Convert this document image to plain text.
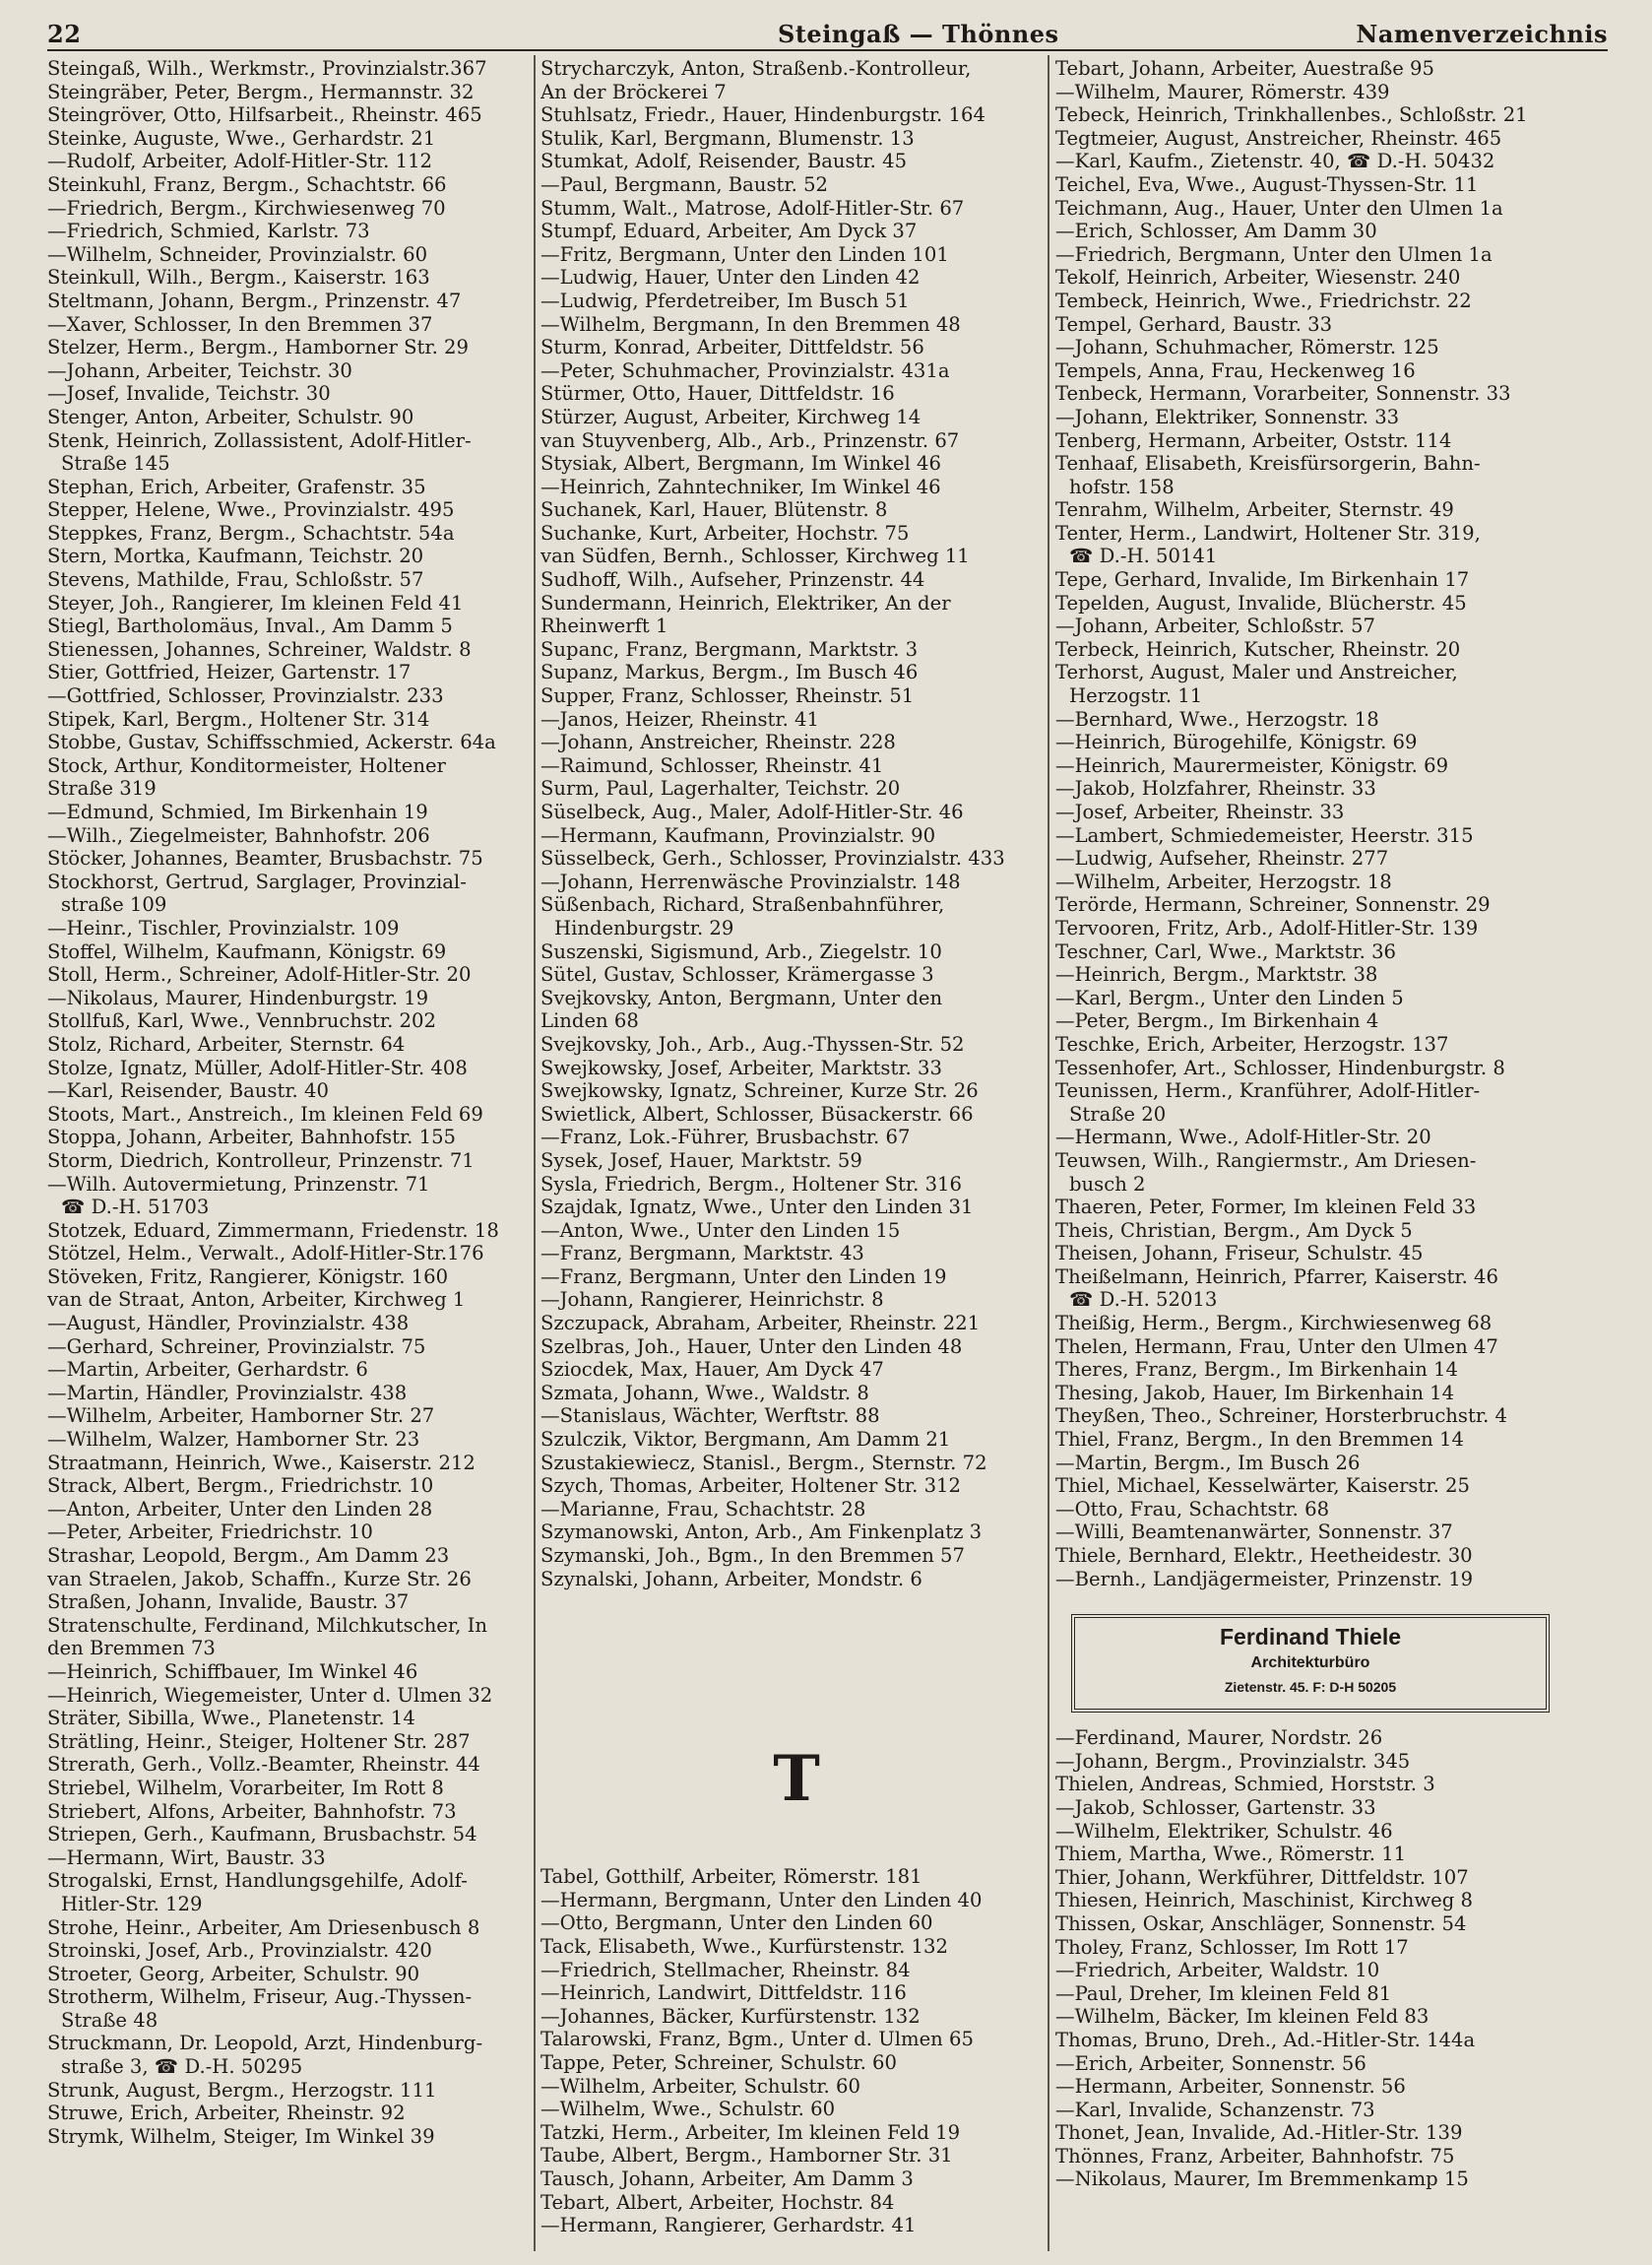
22	Steingaß — Thönnes	Namenverzeichnis
Steingaß, Wilh., Werkmstr., Provinzialstr.367
Steingräber, Peter, Bergm., Hermannstr. 32
Steingröver, Otto, Hilfsarbeit., Rheinstr. 465
Steinke, Auguste, Wwe., Gerhardstr. 21
—Rudolf, Arbeiter, Adolf-Hitler-Str. 112
Steinkuhl, Franz, Bergm., Schachtstr. 66
—Friedrich, Bergm., Kirchwiesenweg 70
—Friedrich, Schmied, Karlstr. 73
—Wilhelm, Schneider, Provinzialstr. 60
Steinkull, Wilh., Bergm., Kaiserstr. 163
Steltmann, Johann, Bergm., Prinzenstr. 47
—Xaver, Schlosser, In den Bremmen 37
Stelzer, Herm., Bergm., Hamborner Str. 29
—Johann, Arbeiter, Teichstr. 30
—Josef, Invalide, Teichstr. 30
Stenger, Anton, Arbeiter, Schulstr. 90
Stenk, Heinrich, Zollassistent, Adolf-Hitler-
Straße 145
Stephan, Erich, Arbeiter, Grafenstr. 35
Stepper, Helene, Wwe., Provinzialstr. 495
Steppkes, Franz, Bergm., Schachtstr. 54a
Stern, Mortka, Kaufmann, Teichstr. 20
Stevens, Mathilde, Frau, Schloßstr. 57
Steyer, Joh., Rangierer, Im kleinen Feld 41
Stiegl, Bartholomäus, Inval., Am Damm 5
Stienessen, Johannes, Schreiner, Waldstr. 8
Stier, Gottfried, Heizer, Gartenstr. 17
—Gottfried, Schlosser, Provinzialstr. 233
Stipek, Karl, Bergm., Holtener Str. 314
Stobbe, Gustav, Schiffsschmied, Ackerstr. 64a
Stock, Arthur, Konditormeister, Holtener
Straße 319
—Edmund, Schmied, Im Birkenhain 19
—Wilh., Ziegelmeister, Bahnhofstr. 206
Stöcker, Johannes, Beamter, Brusbachstr. 75
Stockhorst, Gertrud, Sarglager, Provinzial-
straße 109
—Heinr., Tischler, Provinzialstr. 109
Stoffel, Wilhelm, Kaufmann, Königstr. 69
Stoll, Herm., Schreiner, Adolf-Hitler-Str. 20
—Nikolaus, Maurer, Hindenburgstr. 19
Stollfuß, Karl, Wwe., Vennbruchstr. 202
Stolz, Richard, Arbeiter, Sternstr. 64
Stolze, Ignatz, Müller, Adolf-Hitler-Str. 408
—Karl, Reisender, Baustr. 40
Stoots, Mart., Anstreich., Im kleinen Feld 69
Stoppa, Johann, Arbeiter, Bahnhofstr. 155
Storm, Diedrich, Kontrolleur, Prinzenstr. 71
—Wilh. Autovermietung, Prinzenstr. 71
☎ D.-H. 51703
Stotzek, Eduard, Zimmermann, Friedenstr. 18
Stötzel, Helm., Verwalt., Adolf-Hitler-Str.176
Stöveken, Fritz, Rangierer, Königstr. 160
van de Straat, Anton, Arbeiter, Kirchweg 1
—August, Händler, Provinzialstr. 438
—Gerhard, Schreiner, Provinzialstr. 75
—Martin, Arbeiter, Gerhardstr. 6
—Martin, Händler, Provinzialstr. 438
—Wilhelm, Arbeiter, Hamborner Str. 27
—Wilhelm, Walzer, Hamborner Str. 23
Straatmann, Heinrich, Wwe., Kaiserstr. 212
Strack, Albert, Bergm., Friedrichstr. 10
—Anton, Arbeiter, Unter den Linden 28
—Peter, Arbeiter, Friedrichstr. 10
Strashar, Leopold, Bergm., Am Damm 23
van Straelen, Jakob, Schaffn., Kurze Str. 26
Straßen, Johann, Invalide, Baustr. 37
Stratenschulte, Ferdinand, Milchkutscher, In
den Bremmen 73
—Heinrich, Schiffbauer, Im Winkel 46
—Heinrich, Wiegemeister, Unter d. Ulmen 32
Sträter, Sibilla, Wwe., Planetenstr. 14
Strätling, Heinr., Steiger, Holtener Str. 287
Strerath, Gerh., Vollz.-Beamter, Rheinstr. 44
Striebel, Wilhelm, Vorarbeiter, Im Rott 8
Striebert, Alfons, Arbeiter, Bahnhofstr. 73
Striepen, Gerh., Kaufmann, Brusbachstr. 54
—Hermann, Wirt, Baustr. 33
Strogalski, Ernst, Handlungsgehilfe, Adolf-
Hitler-Str. 129
Strohe, Heinr., Arbeiter, Am Driesenbusch 8
Stroinski, Josef, Arb., Provinzialstr. 420
Stroeter, Georg, Arbeiter, Schulstr. 90
Strotherm, Wilhelm, Friseur, Aug.-Thyssen-
Straße 48
Struckmann, Dr. Leopold, Arzt, Hindenburg-
straße 3, ☎ D.-H. 50295
Strunk, August, Bergm., Herzogstr. 111
Struwe, Erich, Arbeiter, Rheinstr. 92
Strymk, Wilhelm, Steiger, Im Winkel 39
Strycharczyk, Anton, Straßenb.-Kontrolleur,
An der Bröckerei 7
Stuhlsatz, Friedr., Hauer, Hindenburgstr. 164
Stulik, Karl, Bergmann, Blumenstr. 13
Stumkat, Adolf, Reisender, Baustr. 45
—Paul, Bergmann, Baustr. 52
Stumm, Walt., Matrose, Adolf-Hitler-Str. 67
Stumpf, Eduard, Arbeiter, Am Dyck 37
—Fritz, Bergmann, Unter den Linden 101
—Ludwig, Hauer, Unter den Linden 42
—Ludwig, Pferdetreiber, Im Busch 51
—Wilhelm, Bergmann, In den Bremmen 48
Sturm, Konrad, Arbeiter, Dittfeldstr. 56
—Peter, Schuhmacher, Provinzialstr. 431a
Stürmer, Otto, Hauer, Dittfeldstr. 16
Stürzer, August, Arbeiter, Kirchweg 14
van Stuyvenberg, Alb., Arb., Prinzenstr. 67
Stysiak, Albert, Bergmann, Im Winkel 46
—Heinrich, Zahntechniker, Im Winkel 46
Suchanek, Karl, Hauer, Blütenstr. 8
Suchanke, Kurt, Arbeiter, Hochstr. 75
van Südfen, Bernh., Schlosser, Kirchweg 11
Sudhoff, Wilh., Aufseher, Prinzenstr. 44
Sundermann, Heinrich, Elektriker, An der
Rheinwerft 1
Supanc, Franz, Bergmann, Marktstr. 3
Supanz, Markus, Bergm., Im Busch 46
Supper, Franz, Schlosser, Rheinstr. 51
—Janos, Heizer, Rheinstr. 41
—Johann, Anstreicher, Rheinstr. 228
—Raimund, Schlosser, Rheinstr. 41
Surm, Paul, Lagerhalter, Teichstr. 20
Süselbeck, Aug., Maler, Adolf-Hitler-Str. 46
—Hermann, Kaufmann, Provinzialstr. 90
Süsselbeck, Gerh., Schlosser, Provinzialstr. 433
—Johann, Herrenwäsche Provinzialstr. 148
Süßenbach, Richard, Straßenbahnführer,
Hindenburgstr. 29
Suszenski, Sigismund, Arb., Ziegelstr. 10
Sütel, Gustav, Schlosser, Krämergasse 3
Svejkovsky, Anton, Bergmann, Unter den
Linden 68
Svejkovsky, Joh., Arb., Aug.-Thyssen-Str. 52
Swejkowsky, Josef, Arbeiter, Marktstr. 33
Swejkowsky, Ignatz, Schreiner, Kurze Str. 26
Swietlick, Albert, Schlosser, Büsackerstr. 66
—Franz, Lok.-Führer, Brusbachstr. 67
Sysek, Josef, Hauer, Marktstr. 59
Sysla, Friedrich, Bergm., Holtener Str. 316
Szajdak, Ignatz, Wwe., Unter den Linden 31
—Anton, Wwe., Unter den Linden 15
—Franz, Bergmann, Marktstr. 43
—Franz, Bergmann, Unter den Linden 19
—Johann, Rangierer, Heinrichstr. 8
Szczupack, Abraham, Arbeiter, Rheinstr. 221
Szelbras, Joh., Hauer, Unter den Linden 48
Sziocdek, Max, Hauer, Am Dyck 47
Szmata, Johann, Wwe., Waldstr. 8
—Stanislaus, Wächter, Werftstr. 88
Szulczik, Viktor, Bergmann, Am Damm 21
Szustakiewiecz, Stanisl., Bergm., Sternstr. 72
Szych, Thomas, Arbeiter, Holtener Str. 312
—Marianne, Frau, Schachtstr. 28
Szymanowski, Anton, Arb., Am Finkenplatz 3
Szymanski, Joh., Bgm., In den Bremmen 57
Szynalski, Johann, Arbeiter, Mondstr. 6
T
Tabel, Gotthilf, Arbeiter, Römerstr. 181
—Hermann, Bergmann, Unter den Linden 40
—Otto, Bergmann, Unter den Linden 60
Tack, Elisabeth, Wwe., Kurfürstenstr. 132
—Friedrich, Stellmacher, Rheinstr. 84
—Heinrich, Landwirt, Dittfeldstr. 116
—Johannes, Bäcker, Kurfürstenstr. 132
Talarowski, Franz, Bgm., Unter d. Ulmen 65
Tappe, Peter, Schreiner, Schulstr. 60
—Wilhelm, Arbeiter, Schulstr. 60
—Wilhelm, Wwe., Schulstr. 60
Tatzki, Herm., Arbeiter, Im kleinen Feld 19
Taube, Albert, Bergm., Hamborner Str. 31
Tausch, Johann, Arbeiter, Am Damm 3
Tebart, Albert, Arbeiter, Hochstr. 84
—Hermann, Rangierer, Gerhardstr. 41
Tebart, Johann, Arbeiter, Auestraße 95
—Wilhelm, Maurer, Römerstr. 439
Tebeck, Heinrich, Trinkhallenbes., Schloßstr. 21
Tegtmeier, August, Anstreicher, Rheinstr. 465
—Karl, Kaufm., Zietenstr. 40, ☎ D.-H. 50432
Teichel, Eva, Wwe., August-Thyssen-Str. 11
Teichmann, Aug., Hauer, Unter den Ulmen 1a
—Erich, Schlosser, Am Damm 30
—Friedrich, Bergmann, Unter den Ulmen 1a
Tekolf, Heinrich, Arbeiter, Wiesenstr. 240
Tembeck, Heinrich, Wwe., Friedrichstr. 22
Tempel, Gerhard, Baustr. 33
—Johann, Schuhmacher, Römerstr. 125
Tempels, Anna, Frau, Heckenweg 16
Tenbeck, Hermann, Vorarbeiter, Sonnenstr. 33
—Johann, Elektriker, Sonnenstr. 33
Tenberg, Hermann, Arbeiter, Oststr. 114
Tenhaaf, Elisabeth, Kreisfürsorgerin, Bahn-
hofstr. 158
Tenrahm, Wilhelm, Arbeiter, Sternstr. 49
Tenter, Herm., Landwirt, Holtener Str. 319,
☎ D.-H. 50141
Tepe, Gerhard, Invalide, Im Birkenhain 17
Tepelden, August, Invalide, Blücherstr. 45
—Johann, Arbeiter, Schloßstr. 57
Terbeck, Heinrich, Kutscher, Rheinstr. 20
Terhorst, August, Maler und Anstreicher,
Herzogstr. 11
—Bernhard, Wwe., Herzogstr. 18
—Heinrich, Bürogehilfe, Königstr. 69
—Heinrich, Maurermeister, Königstr. 69
—Jakob, Holzfahrer, Rheinstr. 33
—Josef, Arbeiter, Rheinstr. 33
—Lambert, Schmiedemeister, Heerstr. 315
—Ludwig, Aufseher, Rheinstr. 277
—Wilhelm, Arbeiter, Herzogstr. 18
Terörde, Hermann, Schreiner, Sonnenstr. 29
Tervooren, Fritz, Arb., Adolf-Hitler-Str. 139
Teschner, Carl, Wwe., Marktstr. 36
—Heinrich, Bergm., Marktstr. 38
—Karl, Bergm., Unter den Linden 5
—Peter, Bergm., Im Birkenhain 4
Teschke, Erich, Arbeiter, Herzogstr. 137
Tessenhofer, Art., Schlosser, Hindenburgstr. 8
Teunissen, Herm., Kranführer, Adolf-Hitler-
Straße 20
—Hermann, Wwe., Adolf-Hitler-Str. 20
Teuwsen, Wilh., Rangiermstr., Am Driesen-
busch 2
Thaeren, Peter, Former, Im kleinen Feld 33
Theis, Christian, Bergm., Am Dyck 5
Theisen, Johann, Friseur, Schulstr. 45
Theißelmann, Heinrich, Pfarrer, Kaiserstr. 46
☎ D.-H. 52013
Theißig, Herm., Bergm., Kirchwiesenweg 68
Thelen, Hermann, Frau, Unter den Ulmen 47
Theres, Franz, Bergm., Im Birkenhain 14
Thesing, Jakob, Hauer, Im Birkenhain 14
Theyßen, Theo., Schreiner, Horsterbruchstr. 4
Thiel, Franz, Bergm., In den Bremmen 14
—Martin, Bergm., Im Busch 26
Thiel, Michael, Kesselwärter, Kaiserstr. 25
—Otto, Frau, Schachtstr. 68
—Willi, Beamtenanwärter, Sonnenstr. 37
Thiele, Bernhard, Elektr., Heetheidestr. 30
—Bernh., Landjägermeister, Prinzenstr. 19
Ferdinand Thiele
Architekturbüro
Zietenstr. 45. F: D-H 50205
—Ferdinand, Maurer, Nordstr. 26
—Johann, Bergm., Provinzialstr. 345
Thielen, Andreas, Schmied, Horststr. 3
—Jakob, Schlosser, Gartenstr. 33
—Wilhelm, Elektriker, Schulstr. 46
Thiem, Martha, Wwe., Römerstr. 11
Thier, Johann, Werkführer, Dittfeldstr. 107
Thiesen, Heinrich, Maschinist, Kirchweg 8
Thissen, Oskar, Anschläger, Sonnenstr. 54
Tholey, Franz, Schlosser, Im Rott 17
—Friedrich, Arbeiter, Waldstr. 10
—Paul, Dreher, Im kleinen Feld 81
—Wilhelm, Bäcker, Im kleinen Feld 83
Thomas, Bruno, Dreh., Ad.-Hitler-Str. 144a
—Erich, Arbeiter, Sonnenstr. 56
—Hermann, Arbeiter, Sonnenstr. 56
—Karl, Invalide, Schanzenstr. 73
Thonet, Jean, Invalide, Ad.-Hitler-Str. 139
Thönnes, Franz, Arbeiter, Bahnhofstr. 75
—Nikolaus, Maurer, Im Bremmenkamp 15
